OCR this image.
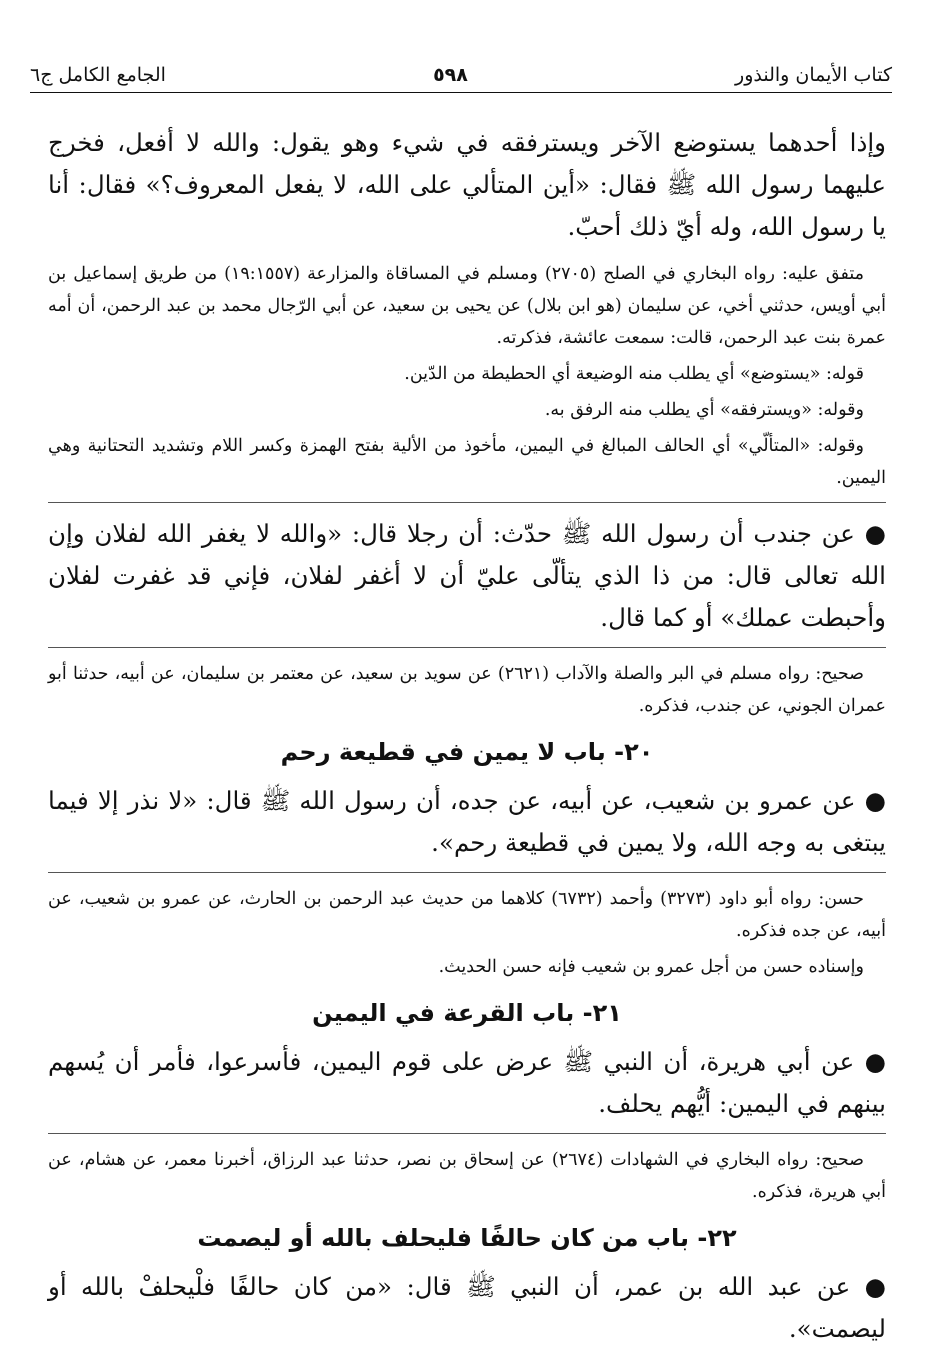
كتاب الأيمان والنذور
٥٩٨
الجامع الكامل ج٦

وإذا أحدهما يستوضع الآخر ويسترفقه في شيء وهو يقول: والله لا أفعل، فخرج عليهما رسول الله ﷺ فقال: «أين المتألي على الله، لا يفعل المعروف؟» فقال: أنا يا رسول الله، وله أيّ ذلك أحبّ.

متفق عليه: رواه البخاري في الصلح (٢٧٠٥) ومسلم في المساقاة والمزارعة (١٩:١٥٥٧) من طريق إسماعيل بن أبي أويس، حدثني أخي، عن سليمان (هو ابن بلال) عن يحيى بن سعيد، عن أبي الرّجال محمد بن عبد الرحمن، أن أمه عمرة بنت عبد الرحمن، قالت: سمعت عائشة، فذكرته.

قوله: «يستوضع» أي يطلب منه الوضيعة أي الحطيطة من الدّين.

وقوله: «ويسترفقه» أي يطلب منه الرفق به.

وقوله: «المتألّي» أي الحالف المبالغ في اليمين، مأخوذ من الألية بفتح الهمزة وكسر اللام وتشديد التحتانية وهي اليمين.

● عن جندب أن رسول الله ﷺ حدّث: أن رجلا قال: «والله لا يغفر الله لفلان وإن الله تعالى قال: من ذا الذي يتألّى عليّ أن لا أغفر لفلان، فإني قد غفرت لفلان وأحبطت عملك» أو كما قال.

صحيح: رواه مسلم في البر والصلة والآداب (٢٦٢١) عن سويد بن سعيد، عن معتمر بن سليمان، عن أبيه، حدثنا أبو عمران الجوني، عن جندب، فذكره.

٢٠- باب لا يمين في قطيعة رحم

● عن عمرو بن شعيب، عن أبيه، عن جده، أن رسول الله ﷺ قال: «لا نذر إلا فيما يبتغى به وجه الله، ولا يمين في قطيعة رحم».

حسن: رواه أبو داود (٣٢٧٣) وأحمد (٦٧٣٢) كلاهما من حديث عبد الرحمن بن الحارث، عن عمرو بن شعيب، عن أبيه، عن جده فذكره.

وإسناده حسن من أجل عمرو بن شعيب فإنه حسن الحديث.

٢١- باب القرعة في اليمين

● عن أبي هريرة، أن النبي ﷺ عرض على قوم اليمين، فأسرعوا، فأمر أن يُسهم بينهم في اليمين: أيُّهم يحلف.

صحيح: رواه البخاري في الشهادات (٢٦٧٤) عن إسحاق بن نصر، حدثنا عبد الرزاق، أخبرنا معمر، عن هشام، عن أبي هريرة، فذكره.

٢٢- باب من كان حالفًا فليحلف بالله أو ليصمت

● عن عبد الله بن عمر، أن النبي ﷺ قال: «من كان حالفًا فلْيحلفْ بالله أو ليصمت».
